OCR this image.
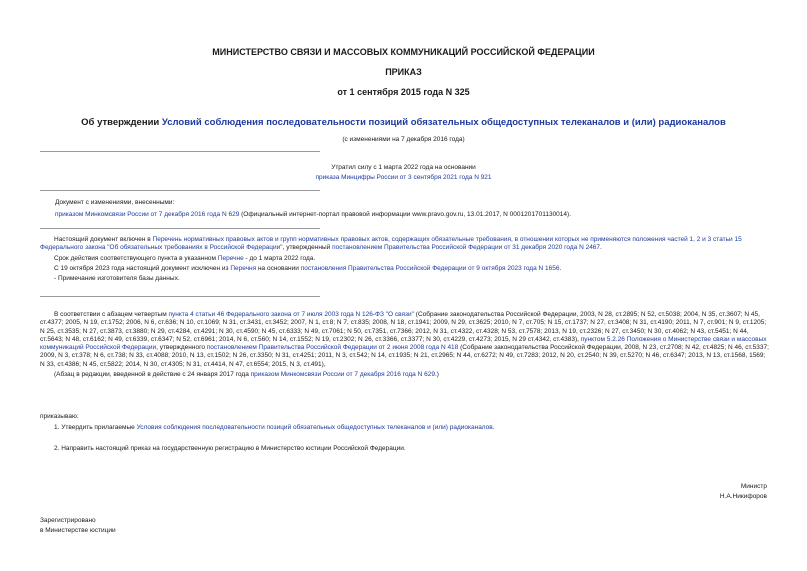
МИНИСТЕРСТВО СВЯЗИ И МАССОВЫХ КОММУНИКАЦИЙ РОССИЙСКОЙ ФЕДЕРАЦИИ
ПРИКАЗ
от 1 сентября 2015 года N 325
Об утверждении Условий соблюдения последовательности позиций обязательных общедоступных телеканалов и (или) радиоканалов
(с изменениями на 7 декабря 2016 года)
Утратил силу с 1 марта 2022 года на основании
приказа Минцифры России от 3 сентября 2021 года N 921
Документ с изменениями, внесенными:
приказом Минкомсвязи России от 7 декабря 2016 года N 629 (Официальный интернет-портал правовой информации www.pravo.gov.ru, 13.01.2017, N 0001201701130014).

Настоящий документ включен в Перечень нормативных правовых актов и групп нормативных правовых актов, содержащих обязательные требования, в отношении которых не применяются положения частей 1, 2 и 3 статьи 15 Федерального закона "Об обязательных требованиях в Российской Федерации", утвержденный постановлением Правительства Российской Федерации от 31 декабря 2020 года N 2467.

Срок действия соответствующего пункта в указанном Перечне - до 1 марта 2022 года.

С 19 октября 2023 года настоящий документ исключен из Перечня на основании постановления Правительства Российской Федерации от 9 октября 2023 года N 1656.

- Примечание изготовителя базы данных.

В соответствии с абзацем четвертым пункта 4 статьи 46 Федерального закона от 7 июля 2003 года N 126-ФЗ "О связи" (Собрание законодательства Российской Федерации, 2003, N 28, ст.2895; N 52, ст.5038; 2004, N 35, ст.3607; N 45, ст.4377; 2005, N 19, ст.1752; 2006, N 6, ст.636; N 10, ст.1069; N 31, ст.3431, ст.3452; 2007, N 1, ст.8; N 7, ст.835; 2008, N 18, ст.1941; 2009, N 29, ст.3625; 2010, N 7, ст.705; N 15, ст.1737; N 27, ст.3408; N 31, ст.4190; 2011, N 7, ст.901; N 9, ст.1205; N 25, ст.3535; N 27, ст.3873, ст.3880; N 29, ст.4284, ст.4291; N 30, ст.4590; N 45, ст.6333; N 49, ст.7061; N 50, ст.7351, ст.7366; 2012, N 31, ст.4322, ст.4328; N 53, ст.7578; 2013, N 19, ст.2326; N 27, ст.3450; N 30, ст.4062; N 43, ст.5451; N 44, ст.5643; N 48, ст.6162; N 49, ст.6339, ст.6347; N 52, ст.6961; 2014, N 6, ст.560; N 14, ст.1552; N 19, ст.2302; N 26, ст.3366, ст.3377; N 30, ст.4229, ст.4273; 2015, N 29 ст.4342, ст.4383), пунктом 5.2.26 Положения о Министерстве связи и массовых коммуникаций Российской Федерации, утвержденного постановлением Правительства Российской Федерации от 2 июня 2008 года N 418 (Собрание законодательства Российской Федерации, 2008, N 23, ст.2708; N 42, ст.4825; N 46, ст.5337; 2009, N 3, ст.378; N 6, ст.738; N 33, ст.4088; 2010, N 13, ст.1502; N 26, ст.3350; N 31, ст.4251; 2011, N 3, ст.542; N 14, ст.1935; N 21, ст.2965; N 44, ст.6272; N 49, ст.7283; 2012, N 20, ст.2540; N 39, ст.5270; N 46, ст.6347; 2013, N 13, ст.1568, 1569; N 33, ст.4386; N 45, ст.5822; 2014, N 30, ст.4305; N 31, ст.4414, N 47, ст.6554; 2015, N 3, ст.491),

(Абзац в редакции, введенной в действие с 24 января 2017 года приказом Минкомсвязи России от 7 декабря 2016 года N 629.)

приказываю:
1. Утвердить прилагаемые Условия соблюдения последовательности позиций обязательных общедоступных телеканалов и (или) радиоканалов.
2. Направить настоящий приказ на государственную регистрацию в Министерство юстиции Российской Федерации.
Министр
Н.А.Никифоров
Зарегистрировано
в Министерстве юстиции
